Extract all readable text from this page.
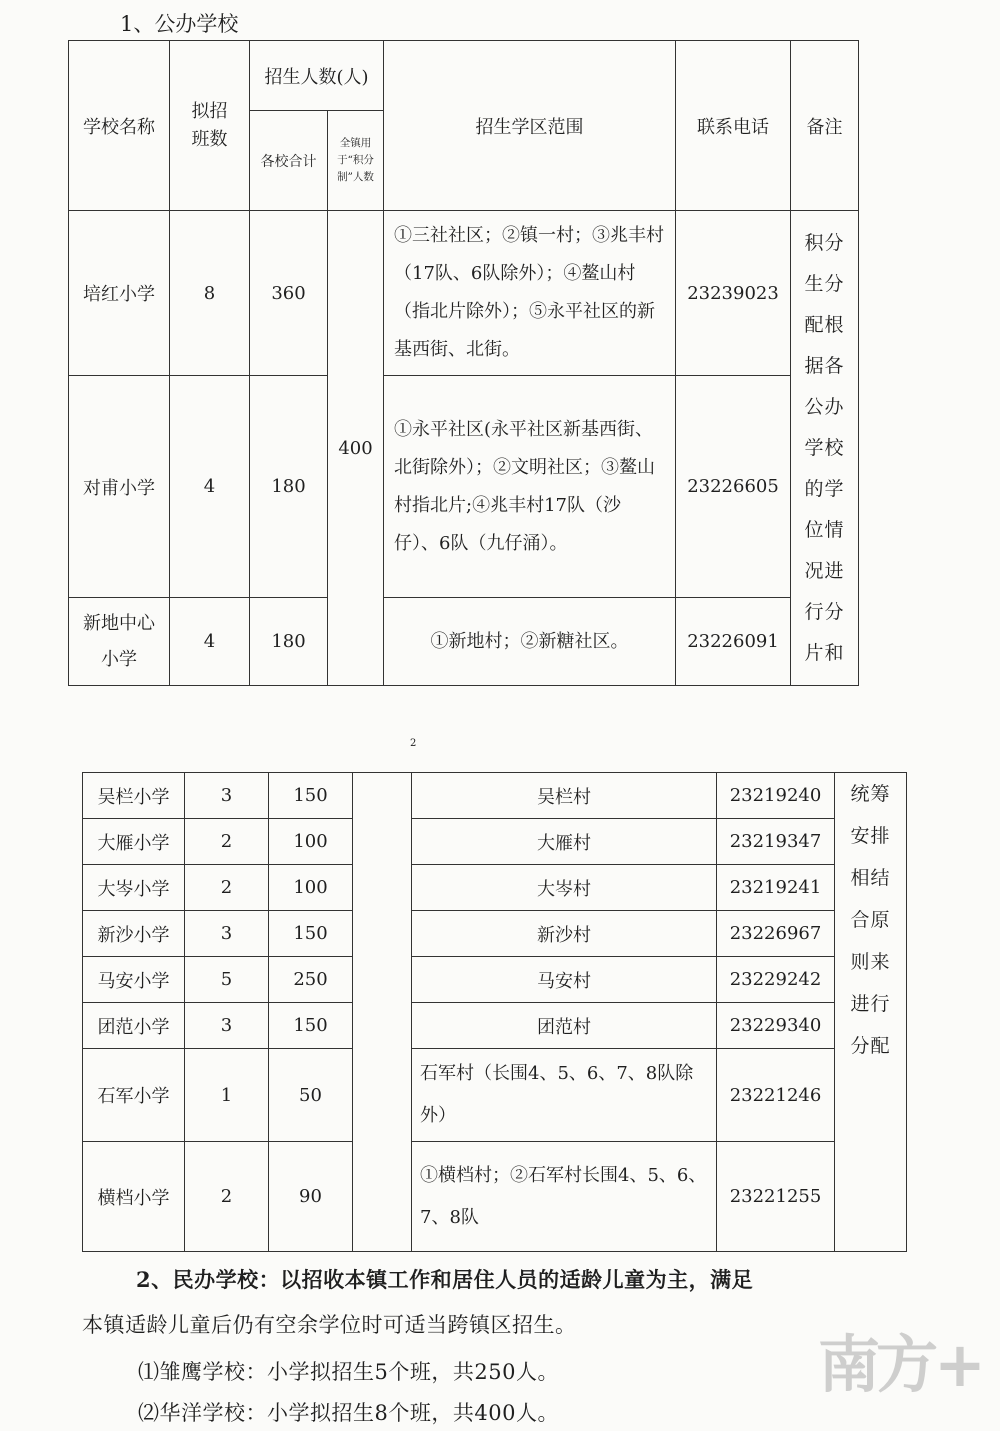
1、公办学校
学校名称	拟招班数	招生人数(人)		招生学区范围	联系电话	备注
		各校合计	全镇用于“积分制”人数			
培红小学	8	360	400	①三社社区；②镇一村；③兆丰村（17队、6队除外）；④鳌山村（指北片除外）；⑤永平社区的新基西街、北街。	23239023	积分生分配根据各公办学校的学位情况进行分片和
对甫小学	4	180		①永平社区(永平社区新基西街、北街除外）；②文明社区；③鳌山村指北片;④兆丰村17队（沙仔）、6队（九仔涌）。	23226605	
新地中心小学	4	180		①新地村；②新糖社区。	23226091	
2
吴栏小学	3	150		吴栏村	23219240	统筹安排相结合原则来进行分配
大雁小学	2	100		大雁村	23219347	
大岑小学	2	100		大岑村	23219241	
新沙小学	3	150		新沙村	23226967	
马安小学	5	250		马安村	23229242	
团范小学	3	150		团范村	23229340	
石军小学	1	50		石军村（长围4、5、6、7、8队除外）	23221246	
横档小学	2	90		①横档村；②石军村长围4、5、6、7、8队	23221255	
2、民办学校：以招收本镇工作和居住人员的适龄儿童为主，满足
本镇适龄儿童后仍有空余学位时可适当跨镇区招生。
⑴雏鹰学校：小学拟招生5个班，共250人。
⑵华洋学校：小学拟招生8个班，共400人。
南方+
